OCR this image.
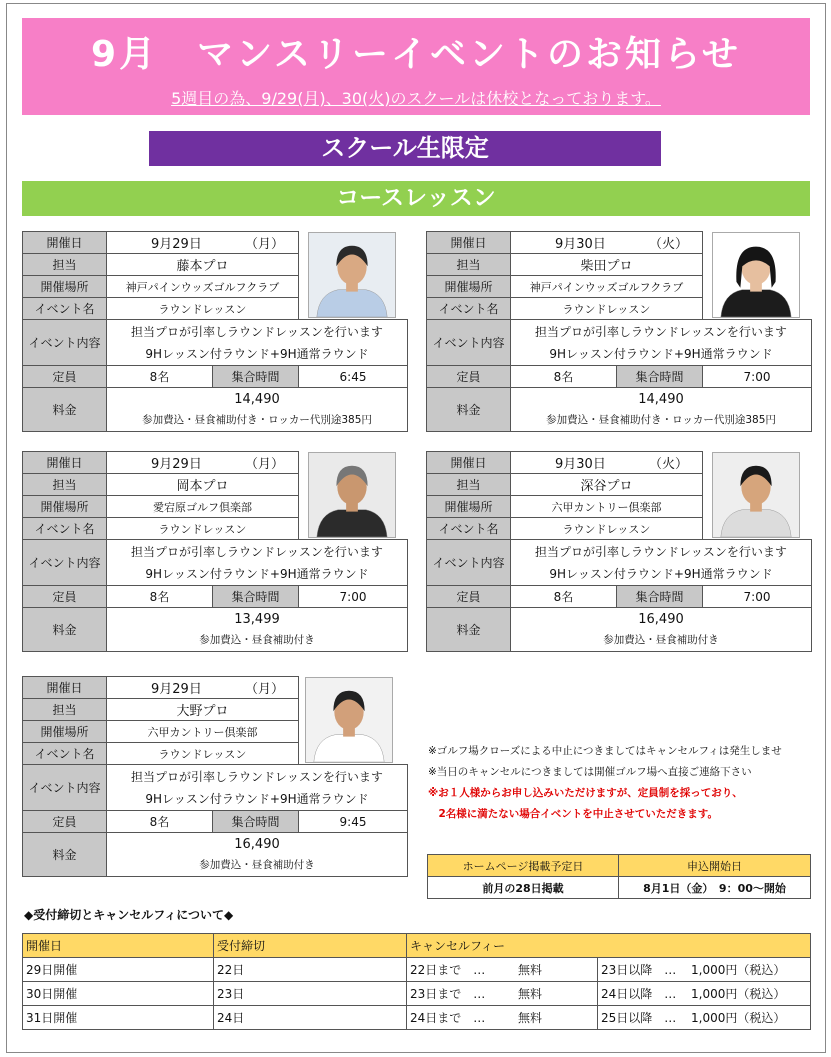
9月　マンスリーイベントのお知らせ
5週目の為、9/29(月)、30(火)のスクールは休校となっております。
スクール生限定
コースレッスン
開催日	9月29日 （月）		

担当	藤本プロ		
開催場所	神戸パインウッズゴルフクラブ		
イベント名	ラウンドレッスン		
イベント内容	担当プロが引率しラウンドレッスンを行います
9Hレッスン付ラウンド+9H通常ラウンド		

定員	8名	集合時間	6:45
料金	14,490
参加費込・昼食補助付き・ロッカー代別途385円		
開催日	9月30日 （火）		

担当	柴田プロ		
開催場所	神戸パインウッズゴルフクラブ		
イベント名	ラウンドレッスン		
イベント内容	担当プロが引率しラウンドレッスンを行います
9Hレッスン付ラウンド+9H通常ラウンド		

定員	8名	集合時間	7:00
料金	14,490
参加費込・昼食補助付き・ロッカー代別途385円		
開催日	9月29日 （月）		

担当	岡本プロ		
開催場所	愛宕原ゴルフ倶楽部		
イベント名	ラウンドレッスン		
イベント内容	担当プロが引率しラウンドレッスンを行います
9Hレッスン付ラウンド+9H通常ラウンド		

定員	8名	集合時間	7:00
料金	13,499
参加費込・昼食補助付き		
開催日	9月30日 （火）		

担当	深谷プロ		
開催場所	六甲カントリー倶楽部		
イベント名	ラウンドレッスン		
イベント内容	担当プロが引率しラウンドレッスンを行います
9Hレッスン付ラウンド+9H通常ラウンド		

定員	8名	集合時間	7:00
料金	16,490
参加費込・昼食補助付き		
開催日	9月29日 （月）		

担当	大野プロ		
開催場所	六甲カントリー倶楽部		
イベント名	ラウンドレッスン		
イベント内容	担当プロが引率しラウンドレッスンを行います
9Hレッスン付ラウンド+9H通常ラウンド		

定員	8名	集合時間	9:45
料金	16,490
参加費込・昼食補助付き		
※ゴルフ場クローズによる中止につきましてはキャンセルフィは発生しませ
※当日のキャンセルにつきましては開催ゴルフ場へ直接ご連絡下さい
※お１人様からお申し込みいただけますが、定員制を採っており、
　2名様に満たない場合イベントを中止させていただきます。
ホームページ掲載予定日	申込開始日
前月の28日掲載	8月1日（金）　9：00～開始
◆受付締切とキャンセルフィについて◆
開催日	受付締切	キャンセルフィー	
29日開催	22日	22日まで　… 無料	23日以降　… 1,000円（税込）
30日開催	23日	23日まで　… 無料	24日以降　… 1,000円（税込）
31日開催	24日	24日まで　… 無料	25日以降　… 1,000円（税込）
